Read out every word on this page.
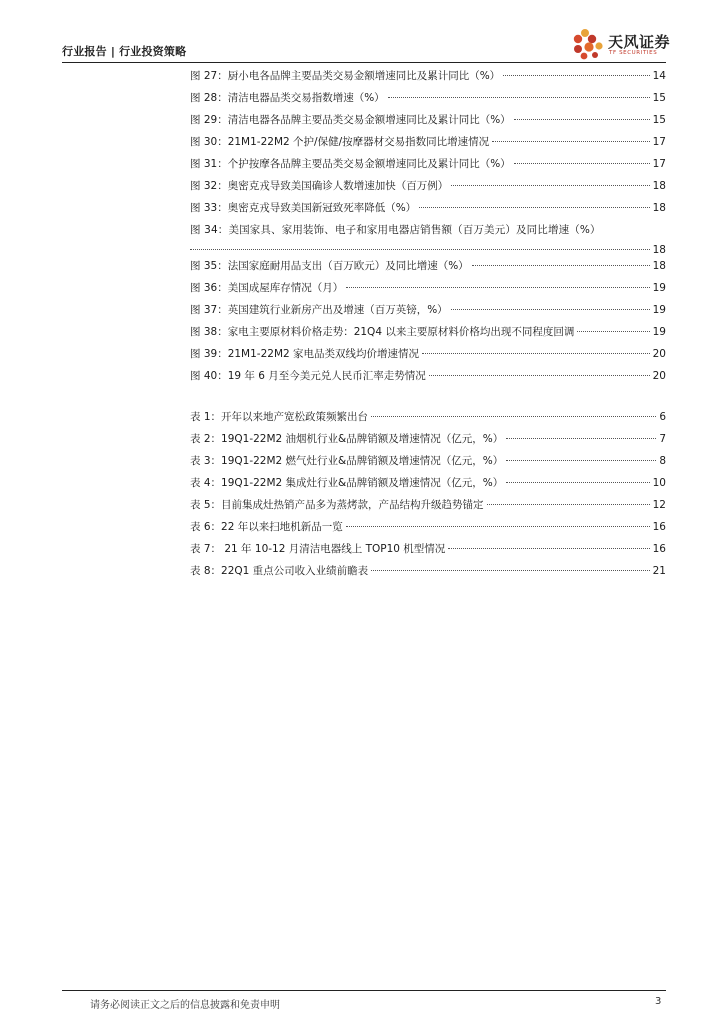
行业报告 | 行业投资策略
天风证券
TF SECURITIES
图 27：厨小电各品牌主要品类交易金额增速同比及累计同比（%）	14
图 28：清洁电器品类交易指数增速（%）	15
图 29：清洁电器各品牌主要品类交易金额增速同比及累计同比（%）	15
图 30：21M1-22M2 个护/保健/按摩器材交易指数同比增速情况	17
图 31：个护按摩各品牌主要品类交易金额增速同比及累计同比（%）	17
图 32：奥密克戎导致美国确诊人数增速加快（百万例）	18
图 33：奥密克戎导致美国新冠致死率降低（%）	18
图 34：美国家具、家用装饰、电子和家用电器店销售额（百万美元）及同比增速（%）
18
图 35：法国家庭耐用品支出（百万欧元）及同比增速（%）	18
图 36：美国成屋库存情况（月）	19
图 37：英国建筑行业新房产出及增速（百万英镑，%）	19
图 38：家电主要原材料价格走势：21Q4 以来主要原材料价格均出现不同程度回调	19
图 39：21M1-22M2 家电品类双线均价增速情况	20
图 40：19 年 6 月至今美元兑人民币汇率走势情况	20
表 1：开年以来地产宽松政策频繁出台	6
表 2：19Q1-22M2 油烟机行业&品牌销额及增速情况（亿元，%）	7
表 3：19Q1-22M2 燃气灶行业&品牌销额及增速情况（亿元，%）	8
表 4：19Q1-22M2 集成灶行业&品牌销额及增速情况（亿元，%）	10
表 5：目前集成灶热销产品多为蒸烤款，产品结构升级趋势锚定	12
表 6：22 年以来扫地机新品一览	16
表 7： 21 年 10-12 月清洁电器线上 TOP10 机型情况	16
表 8：22Q1 重点公司收入业绩前瞻表	21
请务必阅读正文之后的信息披露和免责申明	3
